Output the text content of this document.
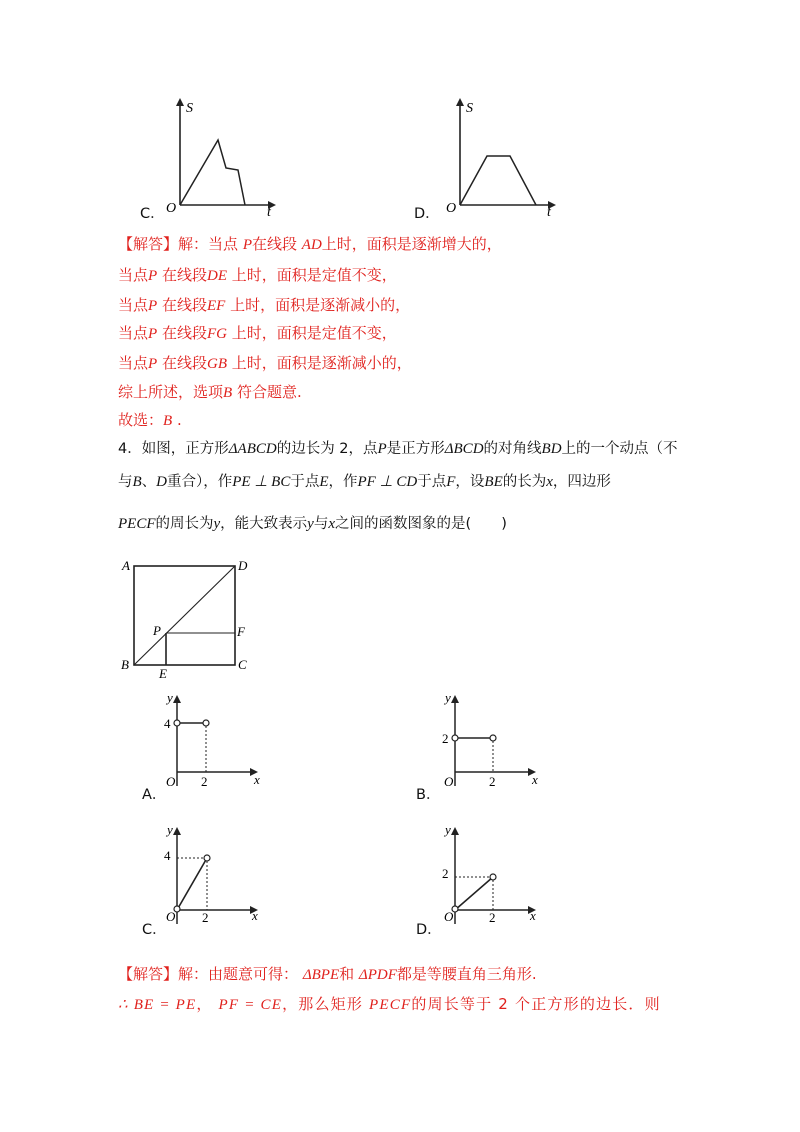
S
O	t
C．
S
O	t
D．
【解答】解：当点 P在线段 AD上时，面积是逐渐增大的，
当点P 在线段DE 上时，面积是定值不变，
当点P 在线段EF 上时，面积是逐渐减小的，
当点P 在线段FG 上时，面积是定值不变，
当点P 在线段GB 上时，面积是逐渐减小的，
综上所述，选项B 符合题意.
故选：B .
4．如图，正方形ΔABCD的边长为 2，点P是正方形ΔBCD的对角线BD上的一个动点（不
与B、D重合），作PE ⊥ BC于点E，作PF ⊥ CD于点F，设BE的长为x，四边形
PECF的周长为y，能大致表示y与x之间的函数图象的是( )
A	D
B	C
E
F
P
y
4
O 2	x
A．
y
2
O	2	x
B．
y
4
O 2	x
C．
y
2
O	2	x
D．
【解答】解：由题意可得： ΔBPE和 ΔPDF都是等腰直角三角形.
∴ BE = PE， PF = CE，那么矩形 PECF的周长等于 2 个正方形的边长．则
